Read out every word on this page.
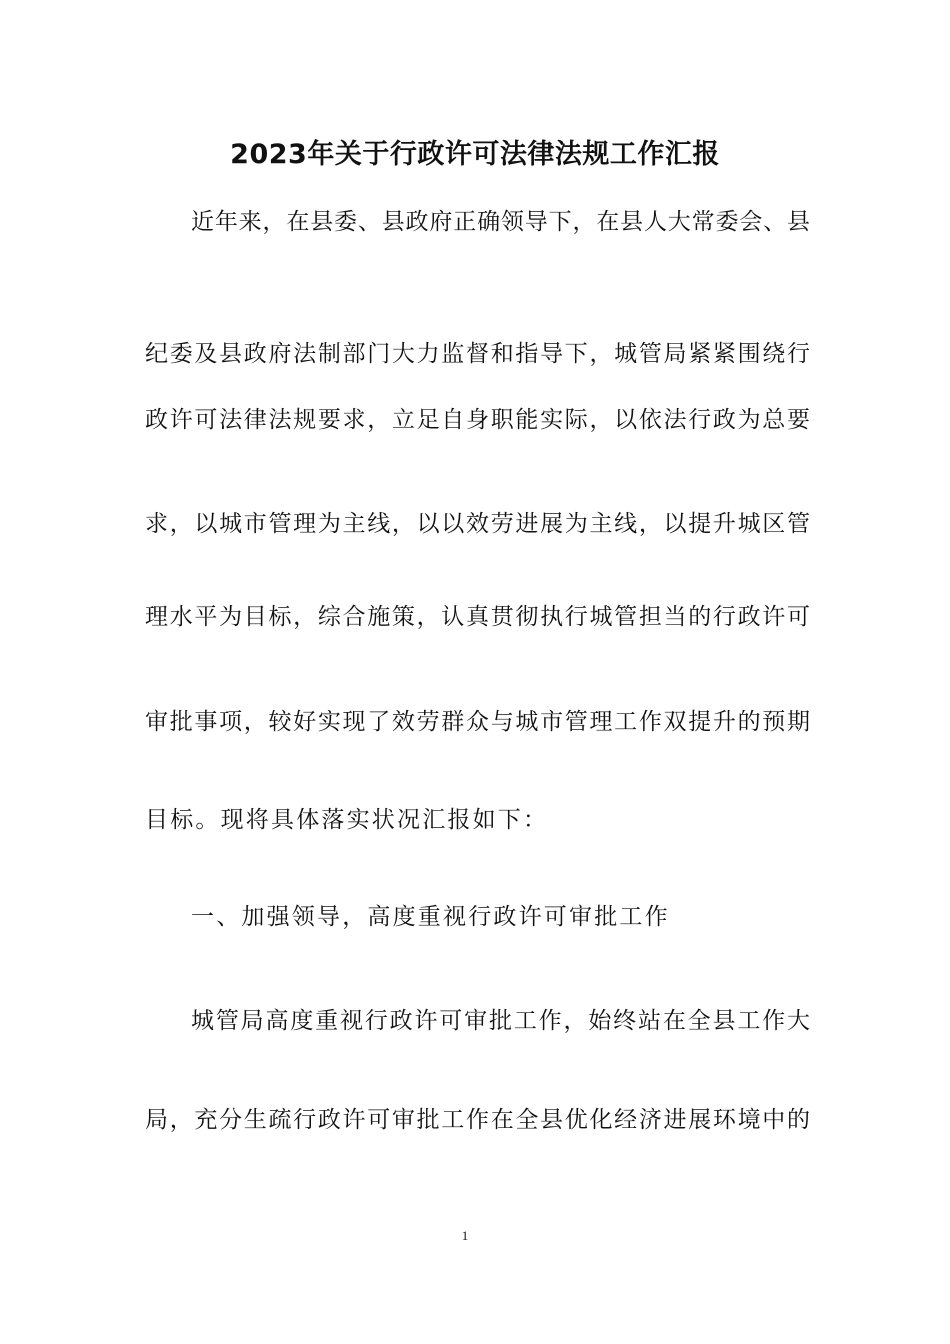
2023年关于行政许可法律法规工作汇报

近年来，在县委、县政府正确领导下，在县人大常委会、县

纪委及县政府法制部门大力监督和指导下，城管局紧紧围绕行

政许可法律法规要求，立足自身职能实际，以依法行政为总要

求，以城市管理为主线，以以效劳进展为主线，以提升城区管

理水平为目标，综合施策，认真贯彻执行城管担当的行政许可

审批事项，较好实现了效劳群众与城市管理工作双提升的预期

目标。现将具体落实状况汇报如下：

一、加强领导，高度重视行政许可审批工作

城管局高度重视行政许可审批工作，始终站在全县工作大

局，充分生疏行政许可审批工作在全县优化经济进展环境中的

1
